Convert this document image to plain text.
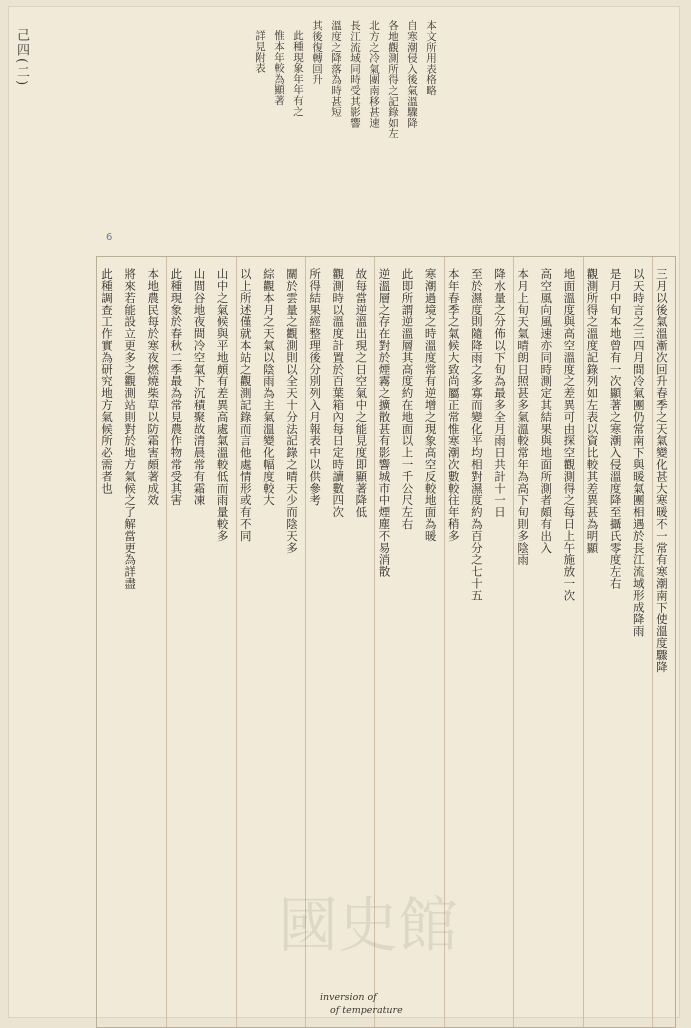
己四(二)	本文所用表格略
自寒潮侵入後氣溫驟降
各地觀測所得之記錄如左
北方之冷氣團南移甚速
長江流域同時受其影響
溫度之降落為時甚短
其後復轉回升
此種現象年年有之
惟本年較為顯著
詳見附表
6
三月以後氣溫漸次回升春季之天氣變化甚大寒暖不一常有寒潮南下使溫度驟降
以天時言之三四月間冷氣團仍常南下與暖氣團相遇於長江流域形成降雨
是月中旬本地曾有一次顯著之寒潮入侵溫度降至攝氏零度左右
觀測所得之溫度記錄列如左表以資比較其差異甚為明顯
地面溫度與高空溫度之差異可由探空觀測得之每日上午施放一次
高空風向風速亦同時測定其結果與地面所測者頗有出入
本月上旬天氣晴朗日照甚多氣溫較常年為高下旬則多陰雨
降水量之分佈以下旬為最多全月雨日共計十一日
至於濕度則隨降雨之多寡而變化平均相對濕度約為百分之七十五
本年春季之氣候大致尚屬正常惟寒潮次數較往年稍多
寒潮過境之時溫度常有逆增之現象高空反較地面為暖
此即所謂逆溫層其高度約在地面以上一千公尺左右
逆溫層之存在對於煙霧之擴散甚有影響城市中煙塵不易消散
故每當逆溫出現之日空氣中之能見度即顯著降低
觀測時以溫度計置於百葉箱內每日定時讀數四次
所得結果經整理後分別列入月報表中以供參考
關於雲量之觀測則以全天十分法記錄之晴天少而陰天多
綜觀本月之天氣以陰雨為主氣溫變化幅度較大
以上所述僅就本站之觀測記錄而言他處情形或有不同
山中之氣候與平地頗有差異高處氣溫較低而雨量較多
山間谷地夜間冷空氣下沉積聚故清晨常有霜凍
此種現象於春秋二季最為常見農作物常受其害
本地農民每於寒夜燃燒柴草以防霜害頗著成效
將來若能設立更多之觀測站則對於地方氣候之了解當更為詳盡
此種調查工作實為研究地方氣候所必需者也
inversion of
of temperature
國史館
